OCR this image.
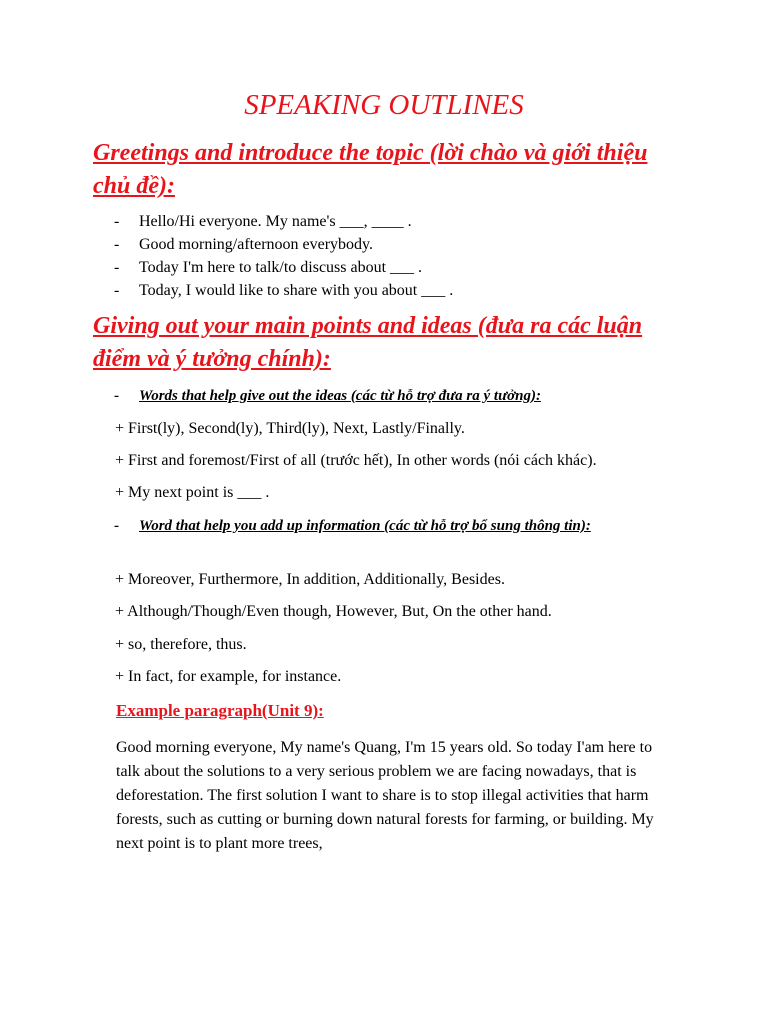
SPEAKING OUTLINES
Greetings and introduce the topic (lời chào và giới thiệu chủ đề):
- Hello/Hi everyone. My name's ___, ____ .
- Good morning/afternoon everybody.
- Today I'm here to talk/to discuss about ___ .
- Today, I would like to share with you about ___ .
Giving out your main points and ideas (đưa ra các luận điểm và ý tưởng chính):

- Words that help give out the ideas (các từ hỗ trợ đưa ra ý tưởng):

+ First(ly), Second(ly), Third(ly), Next, Lastly/Finally.

+ First and foremost/First of all (trước hết), In other words (nói cách khác).

+ My next point is ___ .

- Word that help you add up information (các từ hỗ trợ bổ sung thông tin):

+ Moreover, Furthermore, In addition, Additionally, Besides.

+ Although/Though/Even though, However, But, On the other hand.

+ so, therefore, thus.

+ In fact, for example, for instance.

Example paragraph(Unit 9):

Good morning everyone, My name's Quang, I'm 15 years old. So today I'am here to talk about the solutions to a very serious problem we are facing nowadays, that is deforestation. The first solution I want to share is to stop illegal activities that harm forests, such as cutting or burning down natural forests for farming, or building. My next point is to plant more trees,
